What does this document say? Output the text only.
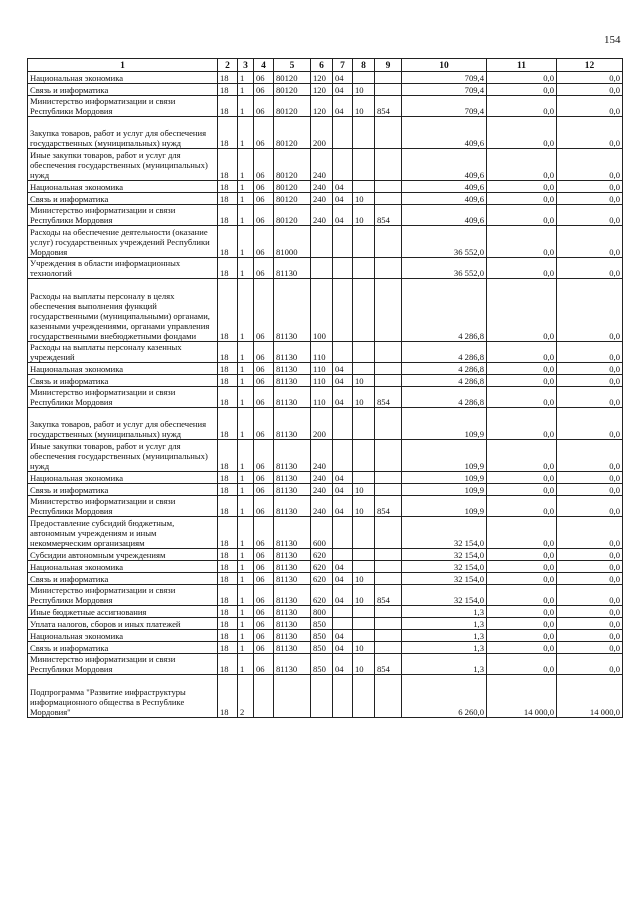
154
1	2	3	4	5	6	7	8	9	10	11	12
Национальная экономика	18	1	06	80120	120	04			709,4	0,0	0,0
Связь и информатика	18	1	06	80120	120	04	10		709,4	0,0	0,0
Министерство информатизации и связи Республики Мордовия	18	1	06	80120	120	04	10	854	709,4	0,0	0,0
Закупка товаров, работ и услуг для обеспечения государственных (муниципальных) нужд	18	1	06	80120	200				409,6	0,0	0,0
Иные закупки товаров, работ и услуг для обеспечения государственных (муниципальных) нужд	18	1	06	80120	240				409,6	0,0	0,0
Национальная экономика	18	1	06	80120	240	04			409,6	0,0	0,0
Связь и информатика	18	1	06	80120	240	04	10		409,6	0,0	0,0
Министерство информатизации и связи Республики Мордовия	18	1	06	80120	240	04	10	854	409,6	0,0	0,0
Расходы на обеспечение деятельности (оказание услуг) государственных учреждений Республики Мордовия	18	1	06	81000					36 552,0	0,0	0,0
Учреждения в области информационных технологий	18	1	06	81130					36 552,0	0,0	0,0
Расходы на выплаты персоналу в целях обеспечения выполнения функций государственными (муниципальными) органами, казенными учреждениями, органами управления государственными внебюджетными фондами	18	1	06	81130	100				4 286,8	0,0	0,0
Расходы на выплаты персоналу казенных учреждений	18	1	06	81130	110				4 286,8	0,0	0,0
Национальная экономика	18	1	06	81130	110	04			4 286,8	0,0	0,0
Связь и информатика	18	1	06	81130	110	04	10		4 286,8	0,0	0,0
Министерство информатизации и связи Республики Мордовия	18	1	06	81130	110	04	10	854	4 286,8	0,0	0,0
Закупка товаров, работ и услуг для обеспечения государственных (муниципальных) нужд	18	1	06	81130	200				109,9	0,0	0,0
Иные закупки товаров, работ и услуг для обеспечения государственных (муниципальных) нужд	18	1	06	81130	240				109,9	0,0	0,0
Национальная экономика	18	1	06	81130	240	04			109,9	0,0	0,0
Связь и информатика	18	1	06	81130	240	04	10		109,9	0,0	0,0
Министерство информатизации и связи Республики Мордовия	18	1	06	81130	240	04	10	854	109,9	0,0	0,0
Предоставление субсидий бюджетным, автономным учреждениям и иным некоммерческим организациям	18	1	06	81130	600				32 154,0	0,0	0,0
Субсидии автономным учреждениям	18	1	06	81130	620				32 154,0	0,0	0,0
Национальная экономика	18	1	06	81130	620	04			32 154,0	0,0	0,0
Связь и информатика	18	1	06	81130	620	04	10		32 154,0	0,0	0,0
Министерство информатизации и связи Республики Мордовия	18	1	06	81130	620	04	10	854	32 154,0	0,0	0,0
Иные бюджетные ассигнования	18	1	06	81130	800				1,3	0,0	0,0
Уплата налогов, сборов и иных платежей	18	1	06	81130	850				1,3	0,0	0,0
Национальная экономика	18	1	06	81130	850	04			1,3	0,0	0,0
Связь и информатика	18	1	06	81130	850	04	10		1,3	0,0	0,0
Министерство информатизации и связи Республики Мордовия	18	1	06	81130	850	04	10	854	1,3	0,0	0,0
Подпрограмма "Развитие инфраструктуры информационного общества в Республике Мордовия"	18	2							6 260,0	14 000,0	14 000,0
